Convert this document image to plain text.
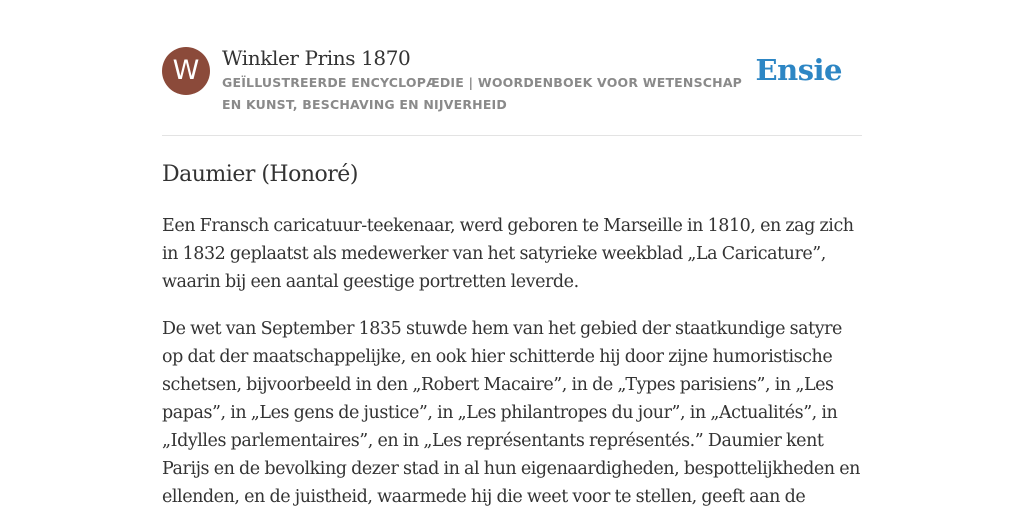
W	Winkler Prins 1870
GEÏLLUSTREERDE ENCYCLOPÆDIE | WOORDENBOEK VOOR WETENSCHAP EN KUNST, BESCHAVING EN NIJVERHEID
Ensie
Daumier (Honoré)

Een Fransch caricatuur-teekenaar, werd geboren te Marseille in 1810, en zag zich in 1832 geplaatst als medewerker van het satyrieke weekblad „La Caricature”, waarin bij een aantal geestige portretten leverde.

De wet van September 1835 stuwde hem van het gebied der staatkundige satyre op dat der maatschappelijke, en ook hier schitterde hij door zijne humoristische schetsen, bijvoorbeeld in den „Robert Macaire”, in de „Types parisiens”, in „Les papas”, in „Les gens de justice”, in „Les philantropes du jour”, in „Actualités”, in „Idylles parlementaires”, en in „Les représentants représentés.” Daumier kent Parijs en de bevolking dezer stad in al hun eigenaardigheden, bespottelijkheden en ellenden, en de juistheid, waarmede hij die weet voor te stellen, geeft aan de
